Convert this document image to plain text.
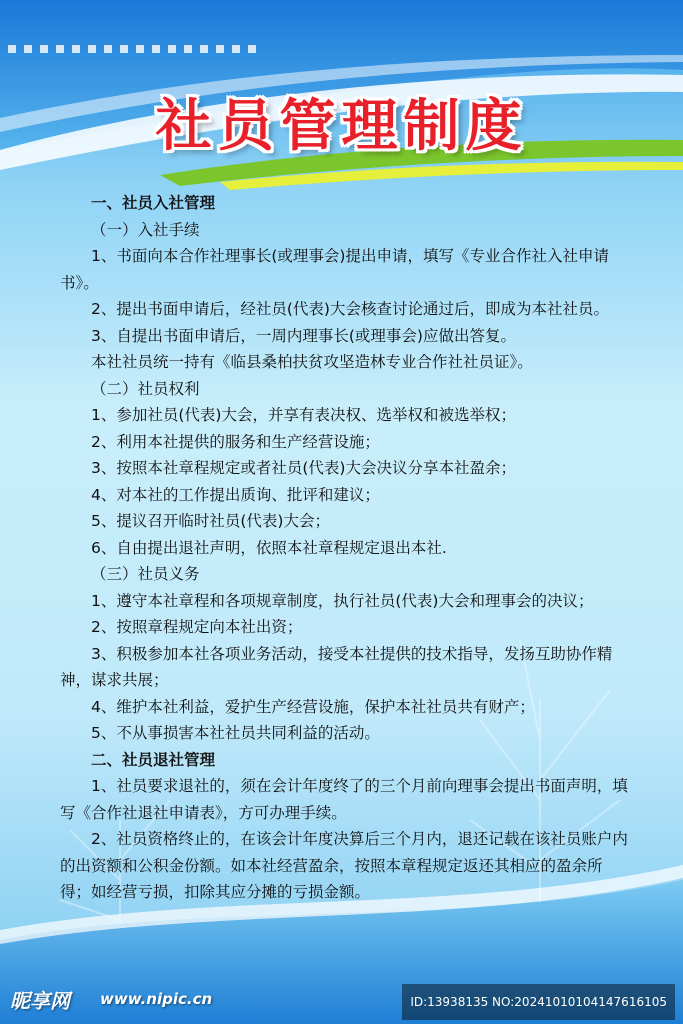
社员管理制度

一、社员入社管理

（一）入社手续

1、书面向本合作社理事长(或理事会)提出申请，填写《专业合作社入社申请书》。

2、提出书面申请后，经社员(代表)大会核查讨论通过后，即成为本社社员。

3、自提出书面申请后，一周内理事长(或理事会)应做出答复。

本社社员统一持有《临县桑柏扶贫攻坚造林专业合作社社员证》。

（二）社员权利

1、参加社员(代表)大会，并享有表决权、选举权和被选举权；

2、利用本社提供的服务和生产经营设施；

3、按照本社章程规定或者社员(代表)大会决议分享本社盈余；

4、对本社的工作提出质询、批评和建议；

5、提议召开临时社员(代表)大会；

6、自由提出退社声明，依照本社章程规定退出本社.

（三）社员义务

1、遵守本社章程和各项规章制度，执行社员(代表)大会和理事会的决议；

2、按照章程规定向本社出资；

3、积极参加本社各项业务活动，接受本社提供的技术指导，发扬互助协作精神，谋求共展；

4、维护本社利益，爱护生产经营设施，保护本社社员共有财产；

5、不从事损害本社社员共同利益的活动。

二、社员退社管理

1、社员要求退社的，须在会计年度终了的三个月前向理事会提出书面声明，填写《合作社退社申请表》，方可办理手续。

2、社员资格终止的，在该会计年度决算后三个月内，退还记载在该社员账户内的出资额和公积金份额。如本社经营盈余，按照本章程规定返还其相应的盈余所得；如经营亏损，扣除其应分摊的亏损金额。

昵享网 www.nipic.cn	ID:13938135 NO:20241010104147616105
